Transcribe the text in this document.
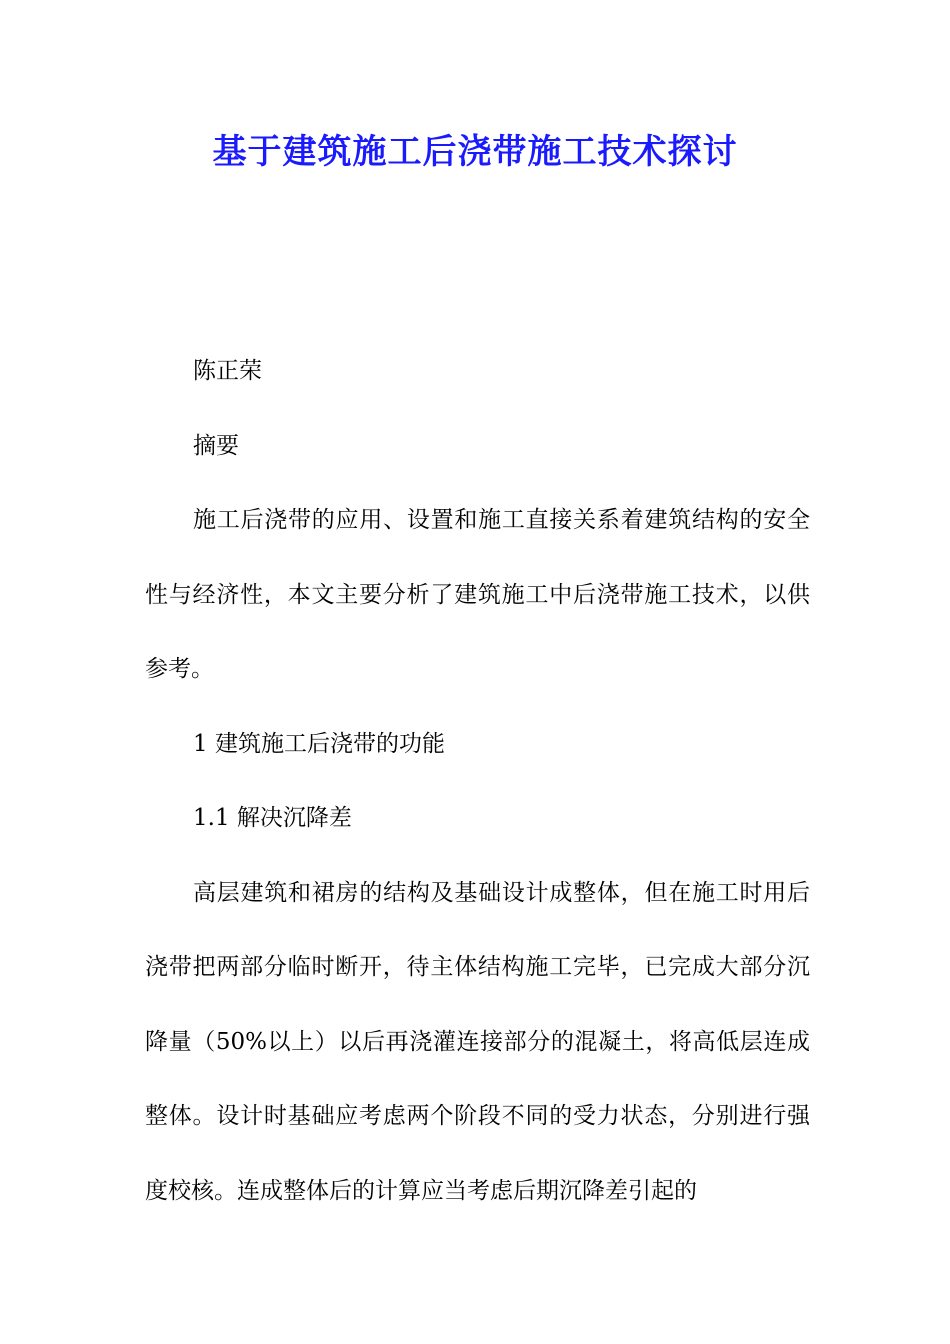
基于建筑施工后浇带施工技术探讨

陈正荣

摘要

施工后浇带的应用、设置和施工直接关系着建筑结构的安全性与经济性，本文主要分析了建筑施工中后浇带施工技术，以供参考。

1 建筑施工后浇带的功能

1.1 解决沉降差

高层建筑和裙房的结构及基础设计成整体，但在施工时用后浇带把两部分临时断开，待主体结构施工完毕，已完成大部分沉降量（50%以上）以后再浇灌连接部分的混凝土，将高低层连成整体。设计时基础应考虑两个阶段不同的受力状态，分别进行强度校核。连成整体后的计算应当考虑后期沉降差引起的
